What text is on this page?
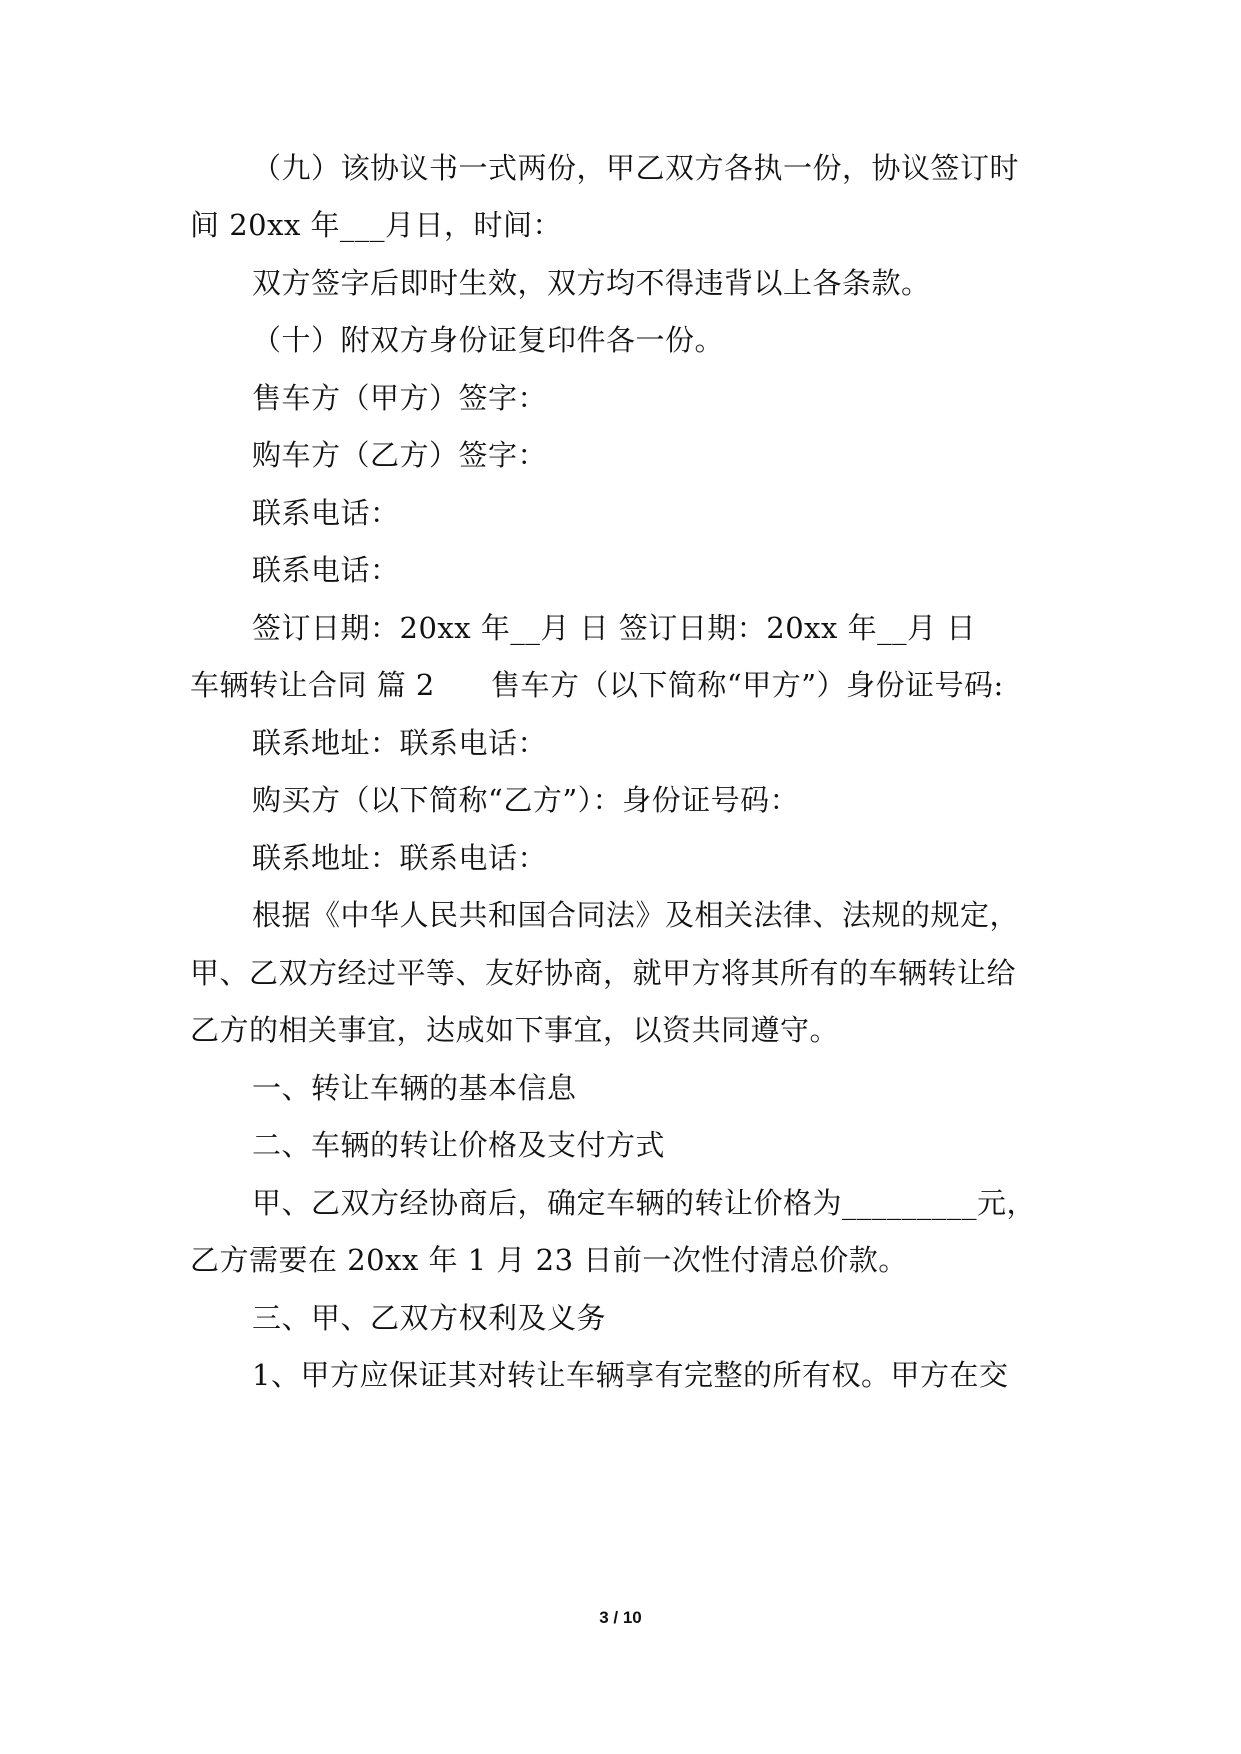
（九）该协议书一式两份，甲乙双方各执一份，协议签订时
间 20xx 年___月日，时间：
双方签字后即时生效，双方均不得违背以上各条款。
（十）附双方身份证复印件各一份。
售车方（甲方）签字：
购车方（乙方）签字：
联系电话：
联系电话：
签订日期：20xx 年__月 日 签订日期：20xx 年__月 日
车辆转让合同 篇 2 售车方（以下简称“甲方”）身份证号码:
联系地址：联系电话：
购买方（以下简称“乙方”）：身份证号码：
联系地址：联系电话：
根据《中华人民共和国合同法》及相关法律、法规的规定，
甲、乙双方经过平等、友好协商，就甲方将其所有的车辆转让给
乙方的相关事宜，达成如下事宜，以资共同遵守。
一、转让车辆的基本信息
二、车辆的转让价格及支付方式
甲、乙双方经协商后，确定车辆的转让价格为_________元，
乙方需要在 20xx 年 1 月 23 日前一次性付清总价款。
三、甲、乙双方权利及义务
1、甲方应保证其对转让车辆享有完整的所有权。甲方在交
3 / 10
